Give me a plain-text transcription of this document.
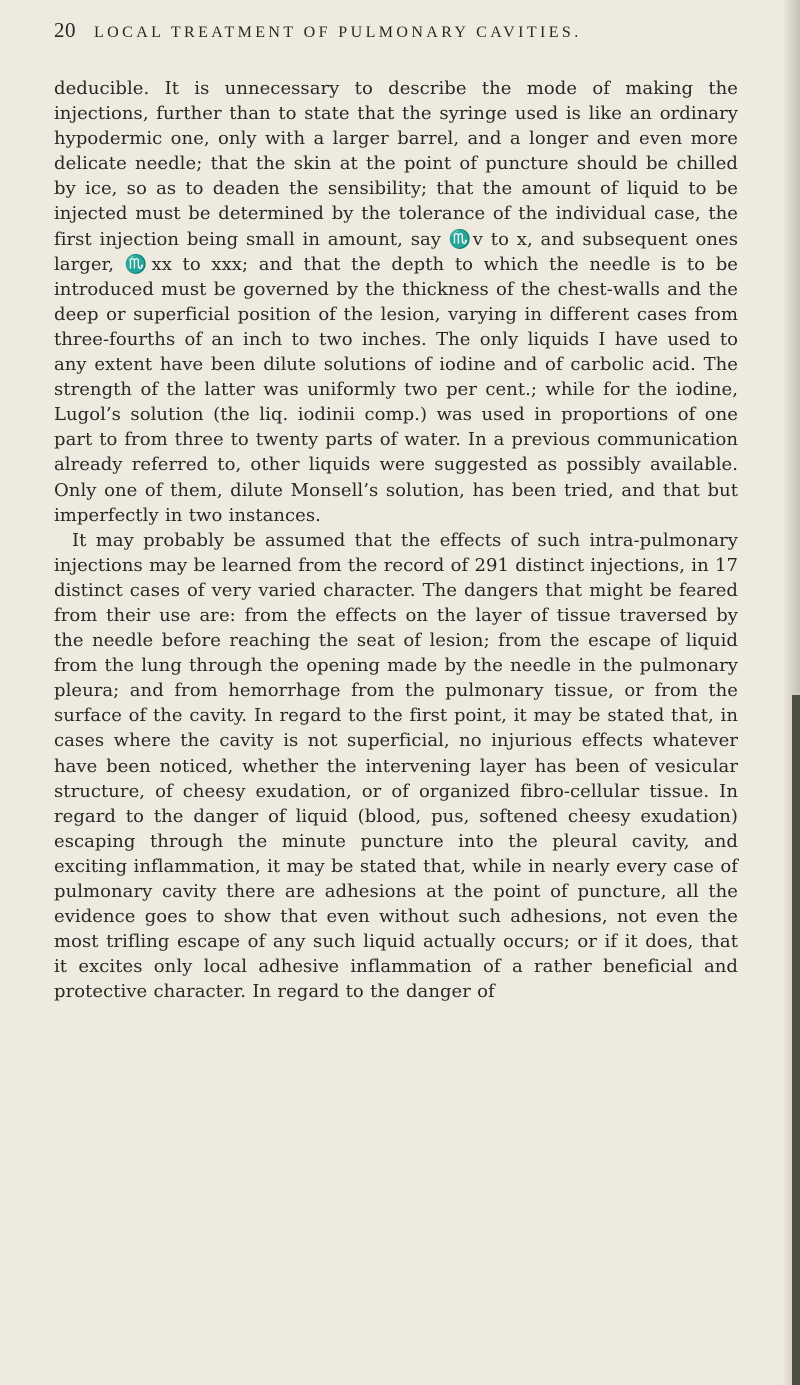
20 LOCAL TREATMENT OF PULMONARY CAVITIES.

deducible. It is unnecessary to describe the mode of making the injections, further than to state that the syringe used is like an ordinary hypodermic one, only with a larger barrel, and a longer and even more delicate needle; that the skin at the point of puncture should be chilled by ice, so as to deaden the sensibility; that the amount of liquid to be injected must be determined by the tolerance of the individual case, the first injection being small in amount, say ♏v to x, and subsequent ones larger, ♏xx to xxx; and that the depth to which the needle is to be introduced must be governed by the thickness of the chest-walls and the deep or superficial position of the lesion, varying in different cases from three-fourths of an inch to two inches. The only liquids I have used to any extent have been dilute solutions of iodine and of carbolic acid. The strength of the latter was uniformly two per cent.; while for the iodine, Lugol’s solution (the liq. iodinii comp.) was used in proportions of one part to from three to twenty parts of water. In a previous communication already referred to, other liquids were suggested as possibly available. Only one of them, dilute Monsell’s solution, has been tried, and that but imperfectly in two instances.

It may probably be assumed that the effects of such intra-pulmonary injections may be learned from the record of 291 distinct injections, in 17 distinct cases of very varied character. The dangers that might be feared from their use are: from the effects on the layer of tissue traversed by the needle before reaching the seat of lesion; from the escape of liquid from the lung through the opening made by the needle in the pulmonary pleura; and from hemorrhage from the pulmonary tissue, or from the surface of the cavity. In regard to the first point, it may be stated that, in cases where the cavity is not superficial, no injurious effects whatever have been noticed, whether the intervening layer has been of vesicular structure, of cheesy exudation, or of organized fibro-cellular tissue. In regard to the danger of liquid (blood, pus, softened cheesy exudation) escaping through the minute puncture into the pleural cavity, and exciting inflammation, it may be stated that, while in nearly every case of pulmonary cavity there are adhesions at the point of puncture, all the evidence goes to show that even without such adhesions, not even the most trifling escape of any such liquid actually occurs; or if it does, that it excites only local adhesive inflammation of a rather beneficial and protective character. In regard to the danger of
